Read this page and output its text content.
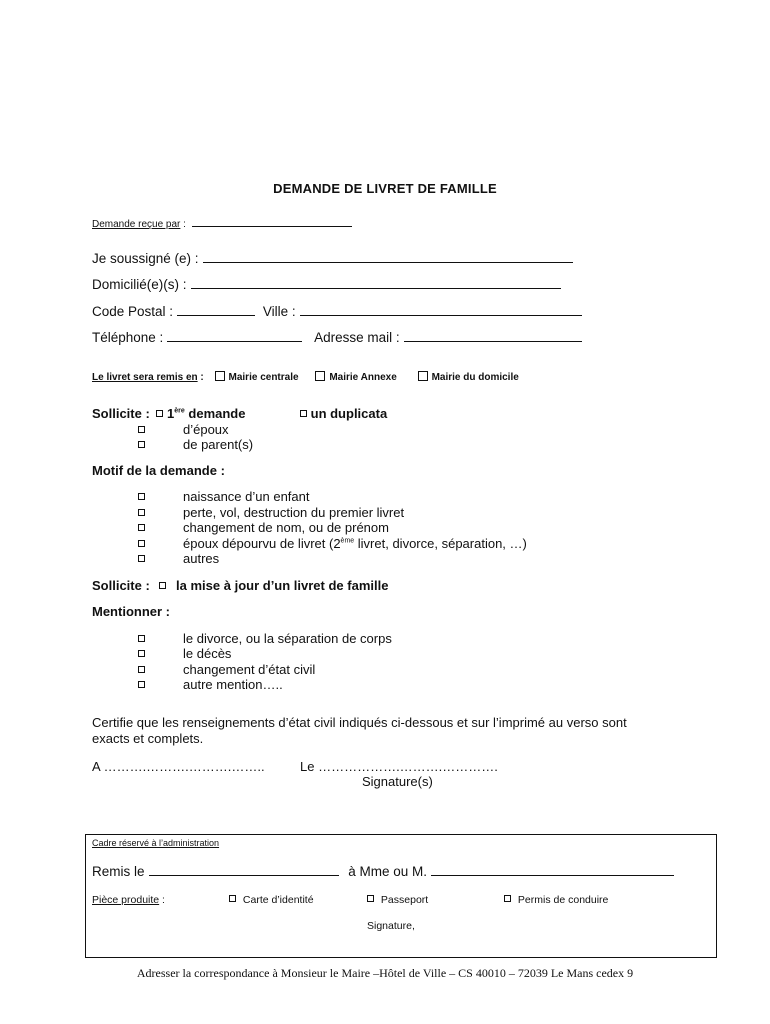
DEMANDE DE LIVRET DE FAMILLE
Demande reçue par :
Je soussigné (e) :
Domicilié(e)(s) :
Code Postal :	Ville :
Téléphone :	Adresse mail :
Le livret sera remis en : Mairie centrale	Mairie Annexe	Mairie du domicile
Sollicite : 1ère demande	un duplicata
d’époux
de parent(s)
Motif de la demande :
naissance d’un enfant
perte, vol, destruction du premier livret
changement de nom, ou de prénom
époux dépourvu de livret (2ème livret, divorce, séparation, …)
autres
Sollicite : la mise à jour d’un livret de famille
Mentionner :
le divorce, ou la séparation de corps
le décès
changement d’état civil
autre mention…..
Certifie que les renseignements d’état civil indiqués ci-dessous et sur l’imprimé au verso sont
exacts et complets.
A ……….……….……….……..	Le ……………….……….………….
Signature(s)
Cadre réservé à l’administration
Remis le	à Mme ou M.
Pièce produite :	Carte d’identité	Passeport	Permis de conduire
Signature,
Adresser la correspondance à Monsieur le Maire –Hôtel de Ville – CS 40010 – 72039 Le Mans cedex 9
